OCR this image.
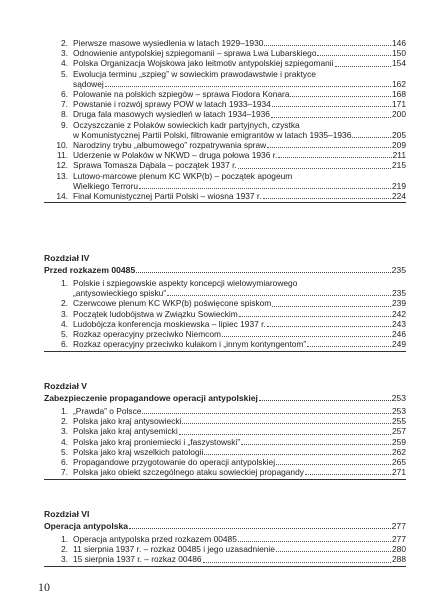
2. Pierwsze masowe wysiedlenia w latach 1929–1930	146
3. Odnowienie antypolskiej szpiegomanii – sprawa Lwa Lubarskiego	150
4. Polska Organizacja Wojskowa jako leitmotiv antypolskiej szpiegomanii	154
5. Ewolucja terminu „szpieg” w sowieckim prawodawstwie i praktyce
sądowej	162
6. Polowanie na polskich szpiegów – sprawa Fiodora Konara	168
7. Powstanie i rozwój sprawy POW w latach 1933–1934	171
8. Druga fala masowych wysiedleń w latach 1934–1936	200
9. Oczyszczanie z Polaków sowieckich kadr partyjnych, czystka
w Komunistycznej Partii Polski, filtrowanie emigrantów w latach 1935–1936	205
10. Narodziny trybu „albumowego” rozpatrywania spraw	209
11. Uderzenie w Polaków w NKWD – druga połowa 1936 r.	211
12. Sprawa Tomasza Dąbala – początek 1937 r.	215
13. Lutowo-marcowe plenum KC WKP(b) – początek apogeum
Wielkiego Terroru	219
14. Finał Komunistycznej Partii Polski – wiosna 1937 r.	224
Rozdział IV
Przed rozkazem 00485	235
1. Polskie i szpiegowskie aspekty koncepcji wielowymiarowego
„antysowieckiego spisku”	235
2. Czerwcowe plenum KC WKP(b) poświęcone spiskom	239
3. Początek ludobójstwa w Związku Sowieckim	242
4. Ludobójcza konferencja moskiewska – lipiec 1937 r.	243
5. Rozkaz operacyjny przeciwko Niemcom	246
6. Rozkaz operacyjny przeciwko kułakom i „innym kontyngentom”	249
Rozdział V
Zabezpieczenie propagandowe operacji antypolskiej	253
1. „Prawda” o Polsce	253
2. Polska jako kraj antysowiecki	255
3. Polska jako kraj antysemicki	257
4. Polska jako kraj proniemiecki i „faszystowski”	259
5. Polska jako kraj wszelkich patologii	262
6. Propagandowe przygotowanie do operacji antypolskiej	265
7. Polska jako obiekt szczególnego ataku sowieckiej propagandy	271
Rozdział VI
Operacja antypolska	277
1. Operacja antypolska przed rozkazem 00485	277
2. 11 sierpnia 1937 r. – rozkaz 00485 i jego uzasadnienie	280
3. 15 sierpnia 1937 r. – rozkaz 00486	288
10
